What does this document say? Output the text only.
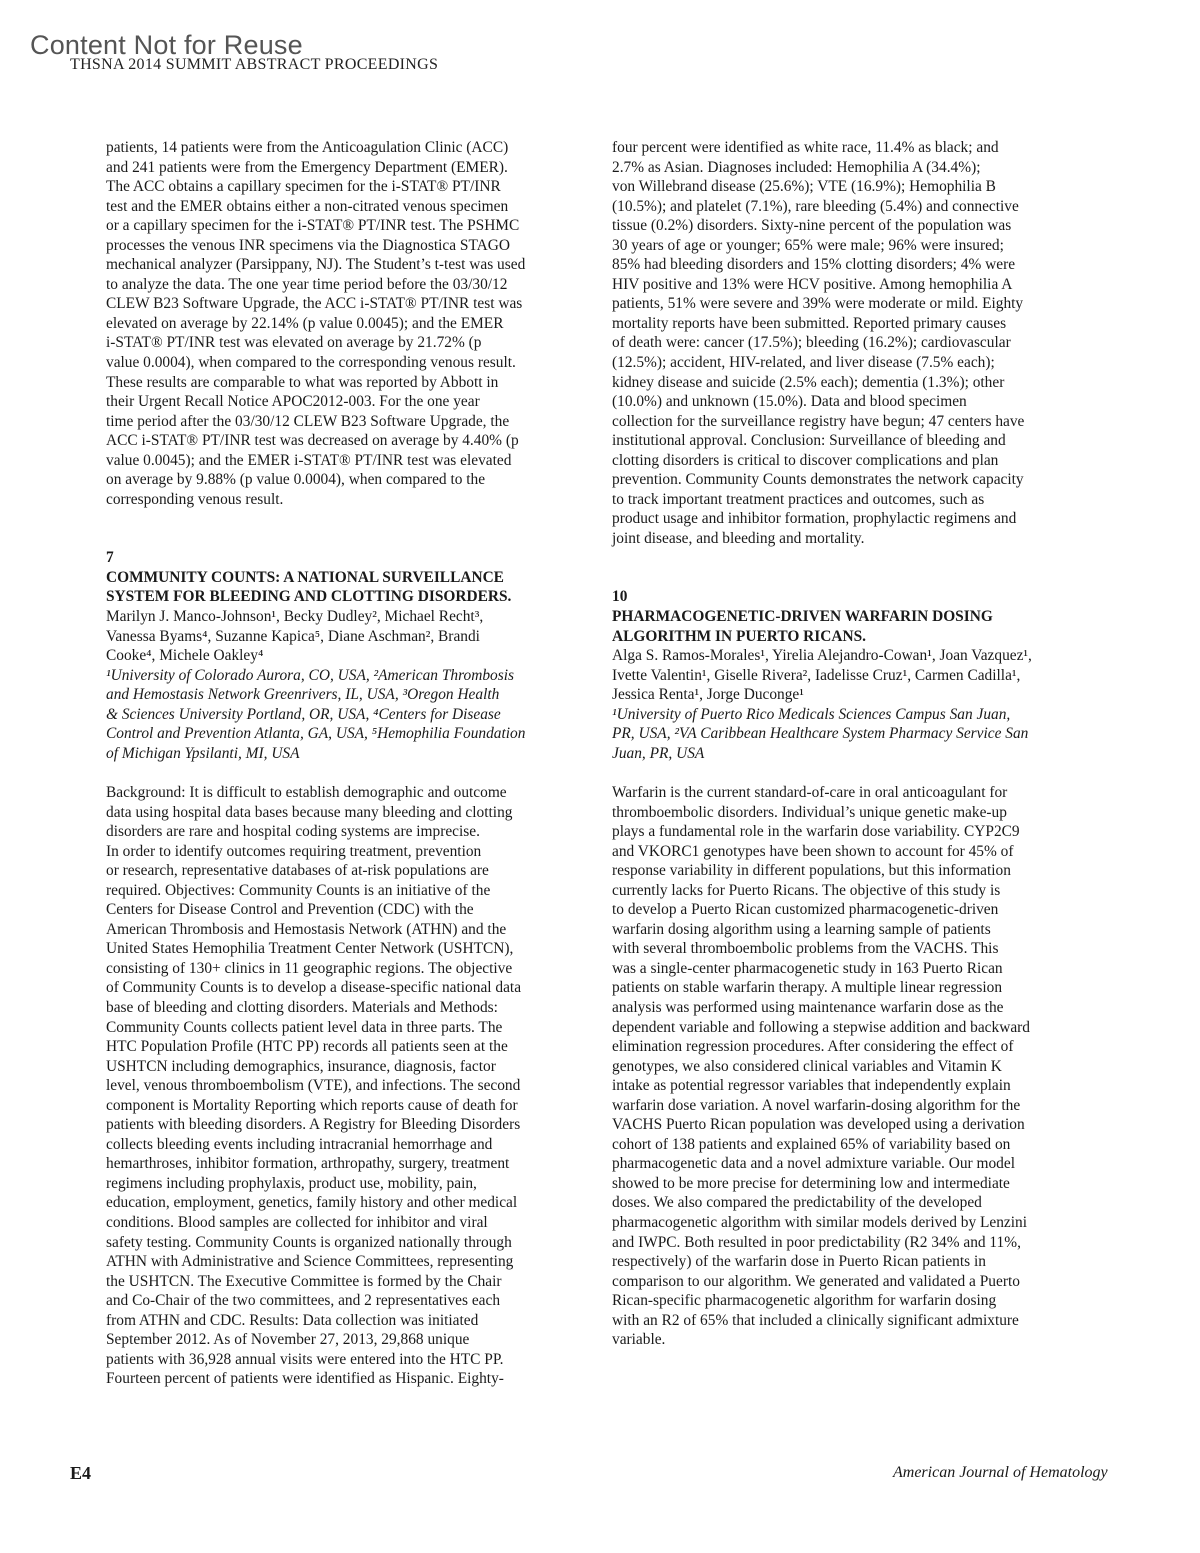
Content Not for Reuse
THSNA 2014 SUMMIT ABSTRACT PROCEEDINGS
patients, 14 patients were from the Anticoagulation Clinic (ACC)
and 241 patients were from the Emergency Department (EMER).
The ACC obtains a capillary specimen for the i-STAT® PT/INR
test and the EMER obtains either a non-citrated venous specimen
or a capillary specimen for the i-STAT® PT/INR test. The PSHMC
processes the venous INR specimens via the Diagnostica STAGO
mechanical analyzer (Parsippany, NJ). The Student’s t-test was used
to analyze the data. The one year time period before the 03/30/12
CLEW B23 Software Upgrade, the ACC i-STAT® PT/INR test was
elevated on average by 22.14% (p value 0.0045); and the EMER
i-STAT® PT/INR test was elevated on average by 21.72% (p
value 0.0004), when compared to the corresponding venous result.
These results are comparable to what was reported by Abbott in
their Urgent Recall Notice APOC2012-003. For the one year
time period after the 03/30/12 CLEW B23 Software Upgrade, the
ACC i-STAT® PT/INR test was decreased on average by 4.40% (p
value 0.0045); and the EMER i-STAT® PT/INR test was elevated
on average by 9.88% (p value 0.0004), when compared to the
corresponding venous result.
7
COMMUNITY COUNTS: A NATIONAL SURVEILLANCE
SYSTEM FOR BLEEDING AND CLOTTING DISORDERS.
Marilyn J. Manco-Johnson¹, Becky Dudley², Michael Recht³,
Vanessa Byams⁴, Suzanne Kapica⁵, Diane Aschman², Brandi
Cooke⁴, Michele Oakley⁴
¹University of Colorado Aurora, CO, USA, ²American Thrombosis
and Hemostasis Network Greenrivers, IL, USA, ³Oregon Health
& Sciences University Portland, OR, USA, ⁴Centers for Disease
Control and Prevention Atlanta, GA, USA, ⁵Hemophilia Foundation
of Michigan Ypsilanti, MI, USA
Background: It is difficult to establish demographic and outcome
data using hospital data bases because many bleeding and clotting
disorders are rare and hospital coding systems are imprecise.
In order to identify outcomes requiring treatment, prevention
or research, representative databases of at-risk populations are
required. Objectives: Community Counts is an initiative of the
Centers for Disease Control and Prevention (CDC) with the
American Thrombosis and Hemostasis Network (ATHN) and the
United States Hemophilia Treatment Center Network (USHTCN),
consisting of 130+ clinics in 11 geographic regions. The objective
of Community Counts is to develop a disease-specific national data
base of bleeding and clotting disorders. Materials and Methods:
Community Counts collects patient level data in three parts. The
HTC Population Profile (HTC PP) records all patients seen at the
USHTCN including demographics, insurance, diagnosis, factor
level, venous thromboembolism (VTE), and infections. The second
component is Mortality Reporting which reports cause of death for
patients with bleeding disorders. A Registry for Bleeding Disorders
collects bleeding events including intracranial hemorrhage and
hemarthroses, inhibitor formation, arthropathy, surgery, treatment
regimens including prophylaxis, product use, mobility, pain,
education, employment, genetics, family history and other medical
conditions. Blood samples are collected for inhibitor and viral
safety testing. Community Counts is organized nationally through
ATHN with Administrative and Science Committees, representing
the USHTCN. The Executive Committee is formed by the Chair
and Co-Chair of the two committees, and 2 representatives each
from ATHN and CDC. Results: Data collection was initiated
September 2012. As of November 27, 2013, 29,868 unique
patients with 36,928 annual visits were entered into the HTC PP.
Fourteen percent of patients were identified as Hispanic. Eighty-
four percent were identified as white race, 11.4% as black; and
2.7% as Asian. Diagnoses included: Hemophilia A (34.4%);
von Willebrand disease (25.6%); VTE (16.9%); Hemophilia B
(10.5%); and platelet (7.1%), rare bleeding (5.4%) and connective
tissue (0.2%) disorders. Sixty-nine percent of the population was
30 years of age or younger; 65% were male; 96% were insured;
85% had bleeding disorders and 15% clotting disorders; 4% were
HIV positive and 13% were HCV positive. Among hemophilia A
patients, 51% were severe and 39% were moderate or mild. Eighty
mortality reports have been submitted. Reported primary causes
of death were: cancer (17.5%); bleeding (16.2%); cardiovascular
(12.5%); accident, HIV-related, and liver disease (7.5% each);
kidney disease and suicide (2.5% each); dementia (1.3%); other
(10.0%) and unknown (15.0%). Data and blood specimen
collection for the surveillance registry have begun; 47 centers have
institutional approval. Conclusion: Surveillance of bleeding and
clotting disorders is critical to discover complications and plan
prevention. Community Counts demonstrates the network capacity
to track important treatment practices and outcomes, such as
product usage and inhibitor formation, prophylactic regimens and
joint disease, and bleeding and mortality.
10
PHARMACOGENETIC-DRIVEN WARFARIN DOSING
ALGORITHM IN PUERTO RICANS.
Alga S. Ramos-Morales¹, Yirelia Alejandro-Cowan¹, Joan Vazquez¹,
Ivette Valentin¹, Giselle Rivera², Iadelisse Cruz¹, Carmen Cadilla¹,
Jessica Renta¹, Jorge Duconge¹
¹University of Puerto Rico Medicals Sciences Campus San Juan,
PR, USA, ²VA Caribbean Healthcare System Pharmacy Service San
Juan, PR, USA
Warfarin is the current standard-of-care in oral anticoagulant for
thromboembolic disorders. Individual’s unique genetic make-up
plays a fundamental role in the warfarin dose variability. CYP2C9
and VKORC1 genotypes have been shown to account for 45% of
response variability in different populations, but this information
currently lacks for Puerto Ricans. The objective of this study is
to develop a Puerto Rican customized pharmacogenetic-driven
warfarin dosing algorithm using a learning sample of patients
with several thromboembolic problems from the VACHS. This
was a single-center pharmacogenetic study in 163 Puerto Rican
patients on stable warfarin therapy. A multiple linear regression
analysis was performed using maintenance warfarin dose as the
dependent variable and following a stepwise addition and backward
elimination regression procedures. After considering the effect of
genotypes, we also considered clinical variables and Vitamin K
intake as potential regressor variables that independently explain
warfarin dose variation. A novel warfarin-dosing algorithm for the
VACHS Puerto Rican population was developed using a derivation
cohort of 138 patients and explained 65% of variability based on
pharmacogenetic data and a novel admixture variable. Our model
showed to be more precise for determining low and intermediate
doses. We also compared the predictability of the developed
pharmacogenetic algorithm with similar models derived by Lenzini
and IWPC. Both resulted in poor predictability (R2 34% and 11%,
respectively) of the warfarin dose in Puerto Rican patients in
comparison to our algorithm. We generated and validated a Puerto
Rican-specific pharmacogenetic algorithm for warfarin dosing
with an R2 of 65% that included a clinically significant admixture
variable.
E4	American Journal of Hematology
